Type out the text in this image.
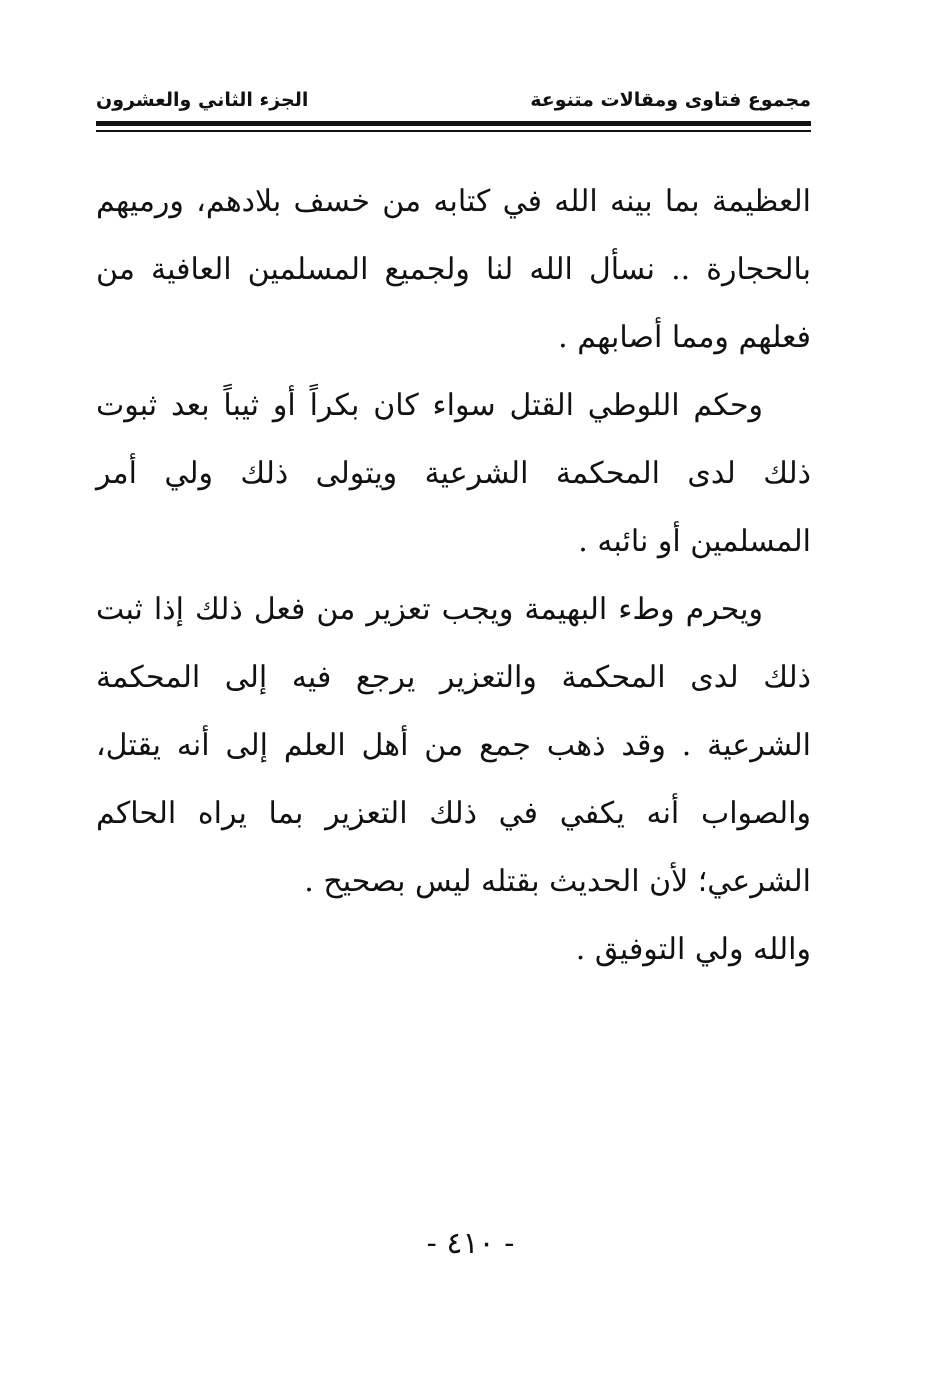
مجموع فتاوى ومقالات متنوعة
الجزء الثاني والعشرون

العظيمة بما بينه الله في كتابه من خسف بلادهم، ورميهم بالحجارة .. نسأل الله لنا ولجميع المسلمين العافية من فعلهم ومما أصابهم .

وحكم اللوطي القتل سواء كان بكراً أو ثيباً بعد ثبوت ذلك لدى المحكمة الشرعية ويتولى ذلك ولي أمر المسلمين أو نائبه .

ويحرم وطء البهيمة ويجب تعزير من فعل ذلك إذا ثبت ذلك لدى المحكمة والتعزير يرجع فيه إلى المحكمة الشرعية . وقد ذهب جمع من أهل العلم إلى أنه يقتل، والصواب أنه يكفي في ذلك التعزير بما يراه الحاكم الشرعي؛ لأن الحديث بقتله ليس بصحيح .

والله ولي التوفيق .

- ٤١٠ -
